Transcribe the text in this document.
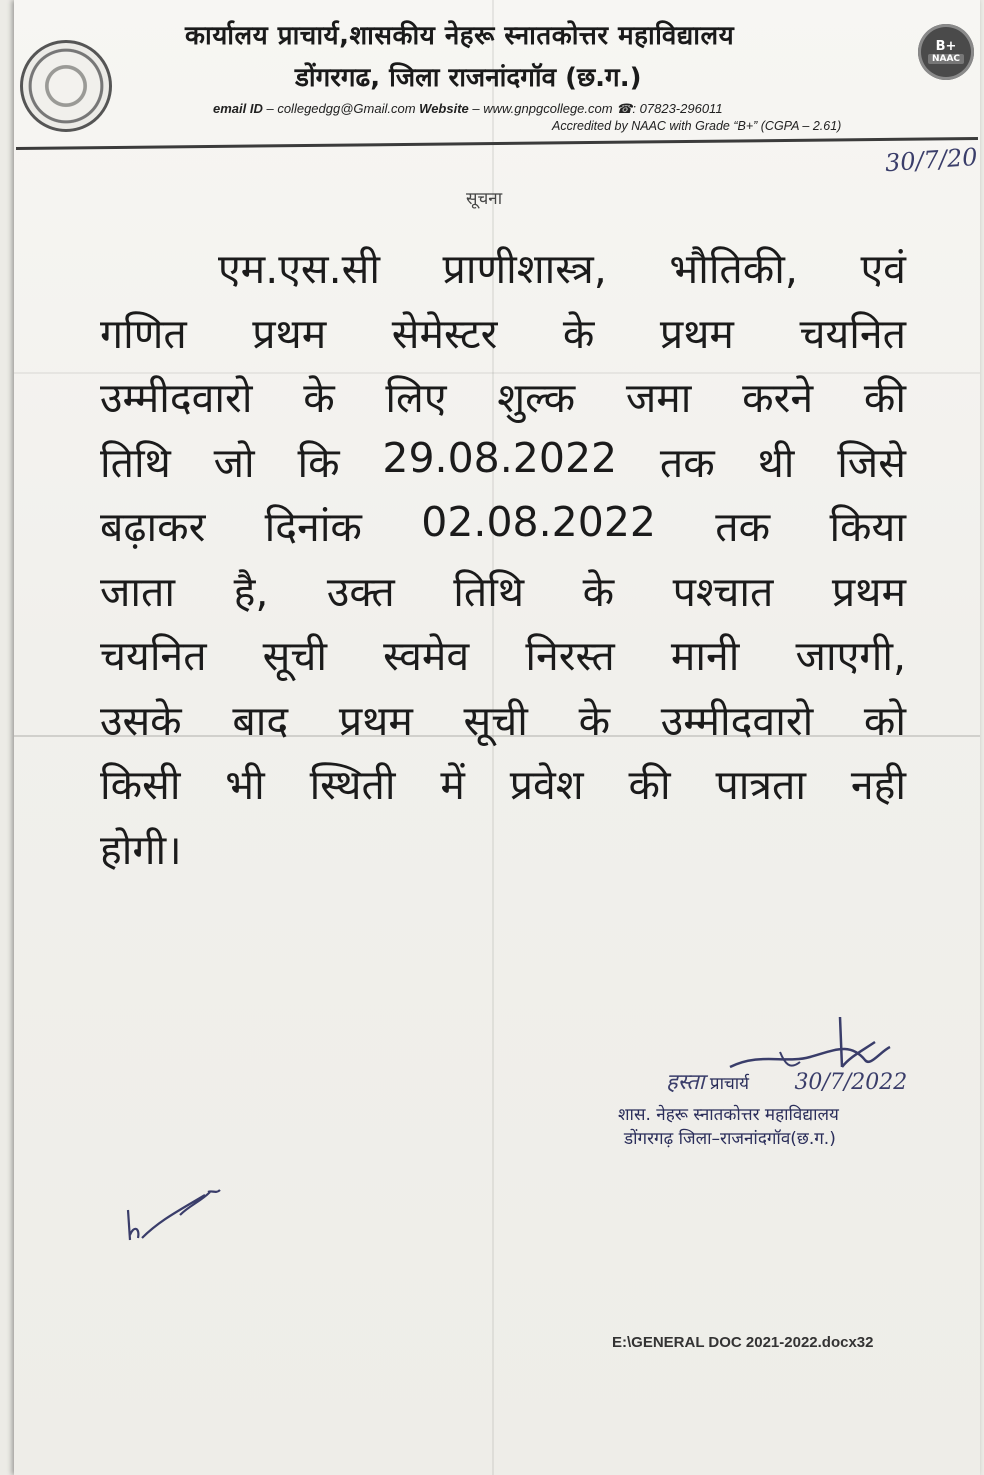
B+
NAAC
कार्यालय प्राचार्य,शासकीय नेहरू स्नातकोत्तर महाविद्यालय
डोंगरगढ, जिला राजनांदगॉव (छ.ग.)
email ID – collegedgg@Gmail.com Website – www.gnpgcollege.com ☎: 07823-296011
Accredited by NAAC with Grade “B+” (CGPA – 2.61)
30/7/20
सूचना
एम.एस.सी प्राणीशास्त्र, भौतिकी, एवं
गणित प्रथम सेमेस्टर के प्रथम चयनित
उम्मीदवारो के लिए शुल्क जमा करने की
तिथि जो कि 29.08.2022 तक थी जिसे
बढ़ाकर दिनांक 02.08.2022 तक किया
जाता है, उक्त तिथि के पश्चात प्रथम
चयनित सूची स्वमेव निरस्त मानी जाएगी,
उसके बाद प्रथम सूची के उम्मीदवारो को
किसी भी स्थिती में प्रवेश की पात्रता नही
होगी।
हस्ता प्राचार्य 30/7/2022
शास. नेहरू स्नातकोत्तर महाविद्यालय
डोंगरगढ़ जिला–राजनांदगॉव(छ.ग.)
E:\GENERAL DOC 2021-2022.docx32
